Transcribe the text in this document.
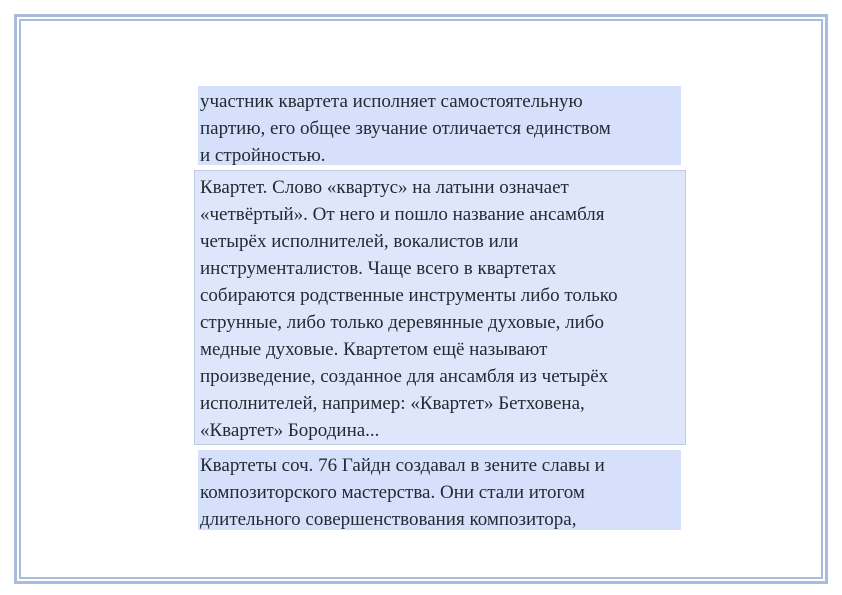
участник квартета исполняет самостоятельную
партию, его общее звучание отличается единством
и стройностью.
Квартет. Слово «квартус» на латыни означает
«четвёртый». От него и пошло название ансамбля
четырёх исполнителей, вокалистов или
инструменталистов. Чаще всего в квартетах
собираются родственные инструменты либо только
струнные, либо только деревянные духовые, либо
медные духовые. Квартетом ещё называют
произведение, созданное для ансамбля из четырёх
исполнителей, например: «Квартет» Бетховена,
«Квартет» Бородина...
Квартеты соч. 76 Гайдн создавал в зените славы и
композиторского мастерства. Они стали итогом
длительного совершенствования композитора,
